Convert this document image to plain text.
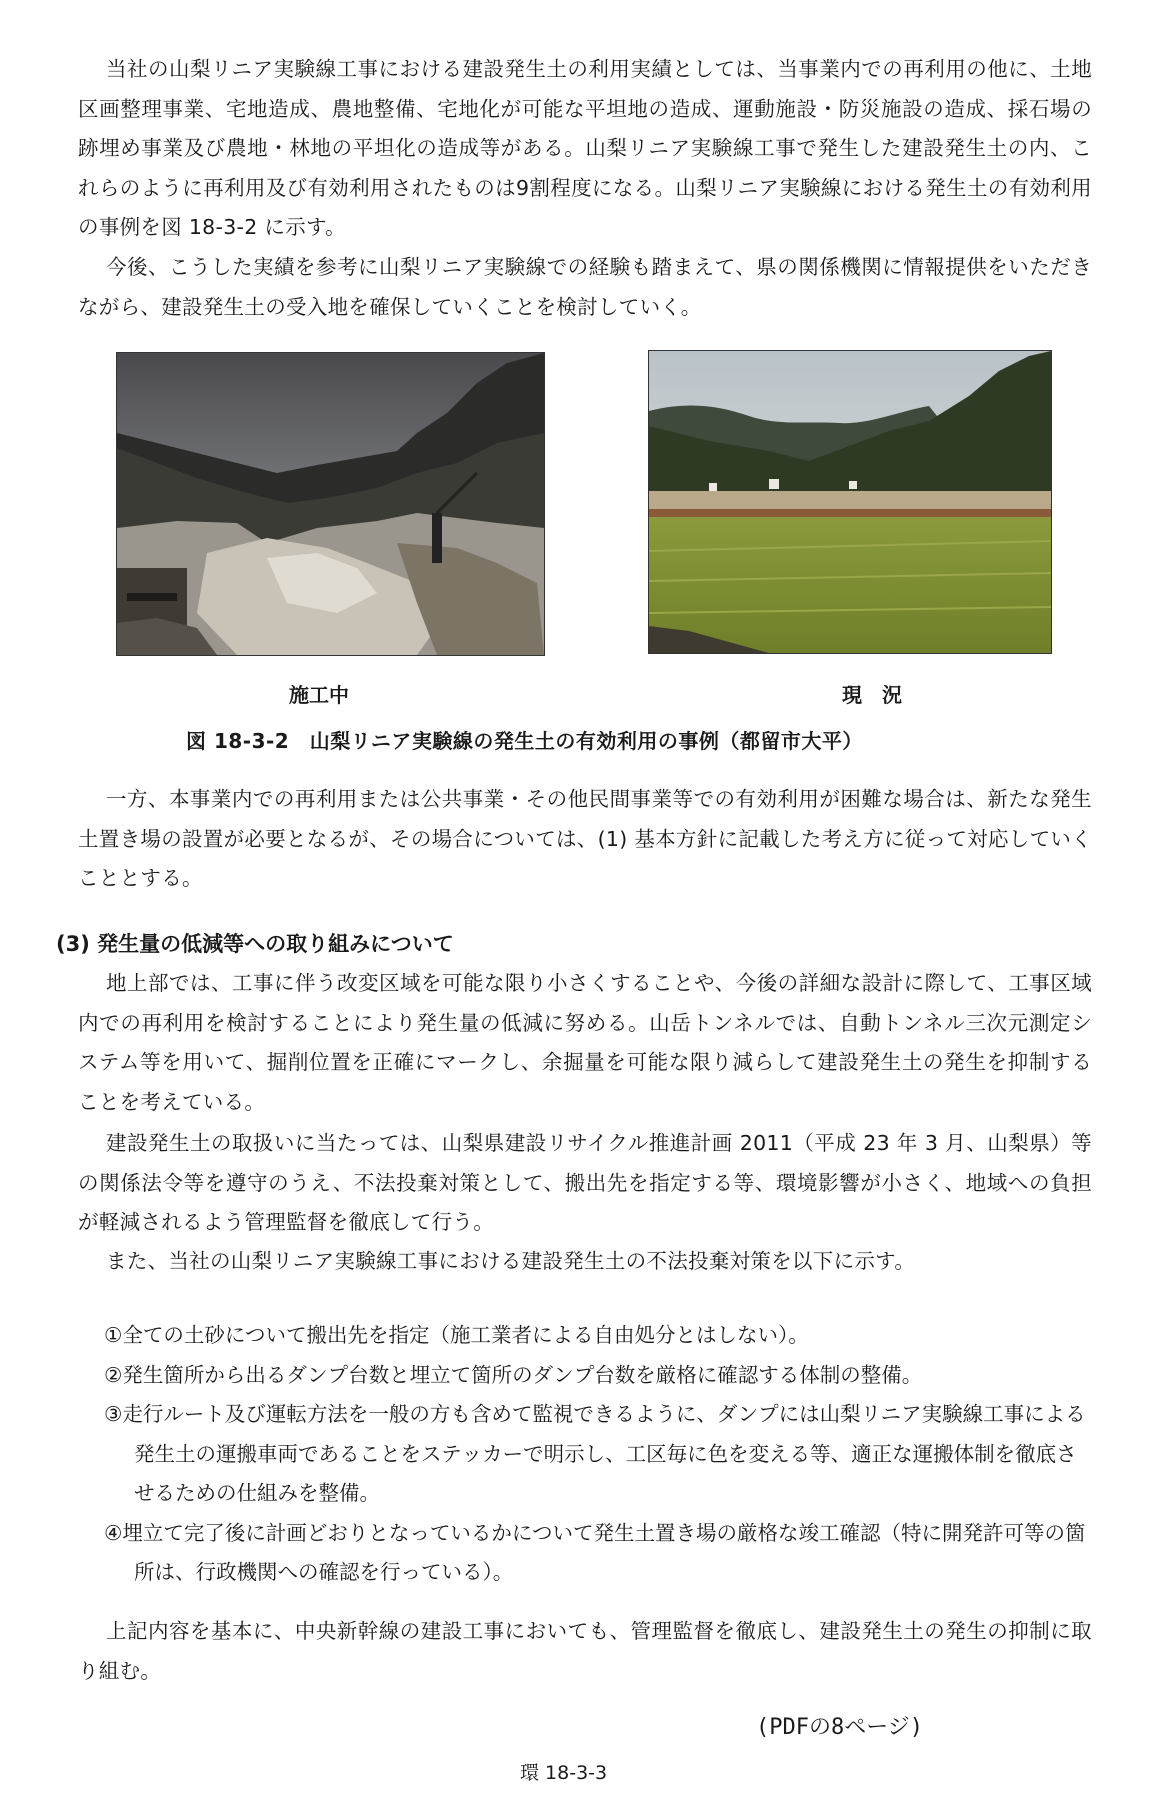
当社の山梨リニア実験線工事における建設発生土の利用実績としては、当事業内での再利用の他に、土地区画整理事業、宅地造成、農地整備、宅地化が可能な平坦地の造成、運動施設・防災施設の造成、採石場の跡埋め事業及び農地・林地の平坦化の造成等がある。山梨リニア実験線工事で発生した建設発生土の内、これらのように再利用及び有効利用されたものは9割程度になる。山梨リニア実験線における発生土の有効利用の事例を図 18-3-2 に示す。
今後、こうした実績を参考に山梨リニア実験線での経験も踏まえて、県の関係機関に情報提供をいただきながら、建設発生土の受入地を確保していくことを検討していく。
施工中	現　況
図 18-3-2　山梨リニア実験線の発生土の有効利用の事例（都留市大平）
一方、本事業内での再利用または公共事業・その他民間事業等での有効利用が困難な場合は、新たな発生土置き場の設置が必要となるが、その場合については、(1) 基本方針に記載した考え方に従って対応していくこととする。
(3) 発生量の低減等への取り組みについて
地上部では、工事に伴う改変区域を可能な限り小さくすることや、今後の詳細な設計に際して、工事区域内での再利用を検討することにより発生量の低減に努める。山岳トンネルでは、自動トンネル三次元測定システム等を用いて、掘削位置を正確にマークし、余掘量を可能な限り減らして建設発生土の発生を抑制することを考えている。
建設発生土の取扱いに当たっては、山梨県建設リサイクル推進計画 2011（平成 23 年 3 月、山梨県）等の関係法令等を遵守のうえ、不法投棄対策として、搬出先を指定する等、環境影響が小さく、地域への負担が軽減されるよう管理監督を徹底して行う。
また、当社の山梨リニア実験線工事における建設発生土の不法投棄対策を以下に示す。
①全ての土砂について搬出先を指定（施工業者による自由処分とはしない）。
②発生箇所から出るダンプ台数と埋立て箇所のダンプ台数を厳格に確認する体制の整備。
③走行ルート及び運転方法を一般の方も含めて監視できるように、ダンプには山梨リニア実験線工事による発生土の運搬車両であることをステッカーで明示し、工区毎に色を変える等、適正な運搬体制を徹底させるための仕組みを整備。
④埋立て完了後に計画どおりとなっているかについて発生土置き場の厳格な竣工確認（特に開発許可等の箇所は、行政機関への確認を行っている）。
上記内容を基本に、中央新幹線の建設工事においても、管理監督を徹底し、建設発生土の発生の抑制に取り組む。
(PDFの8ページ)
環 18-3-3
